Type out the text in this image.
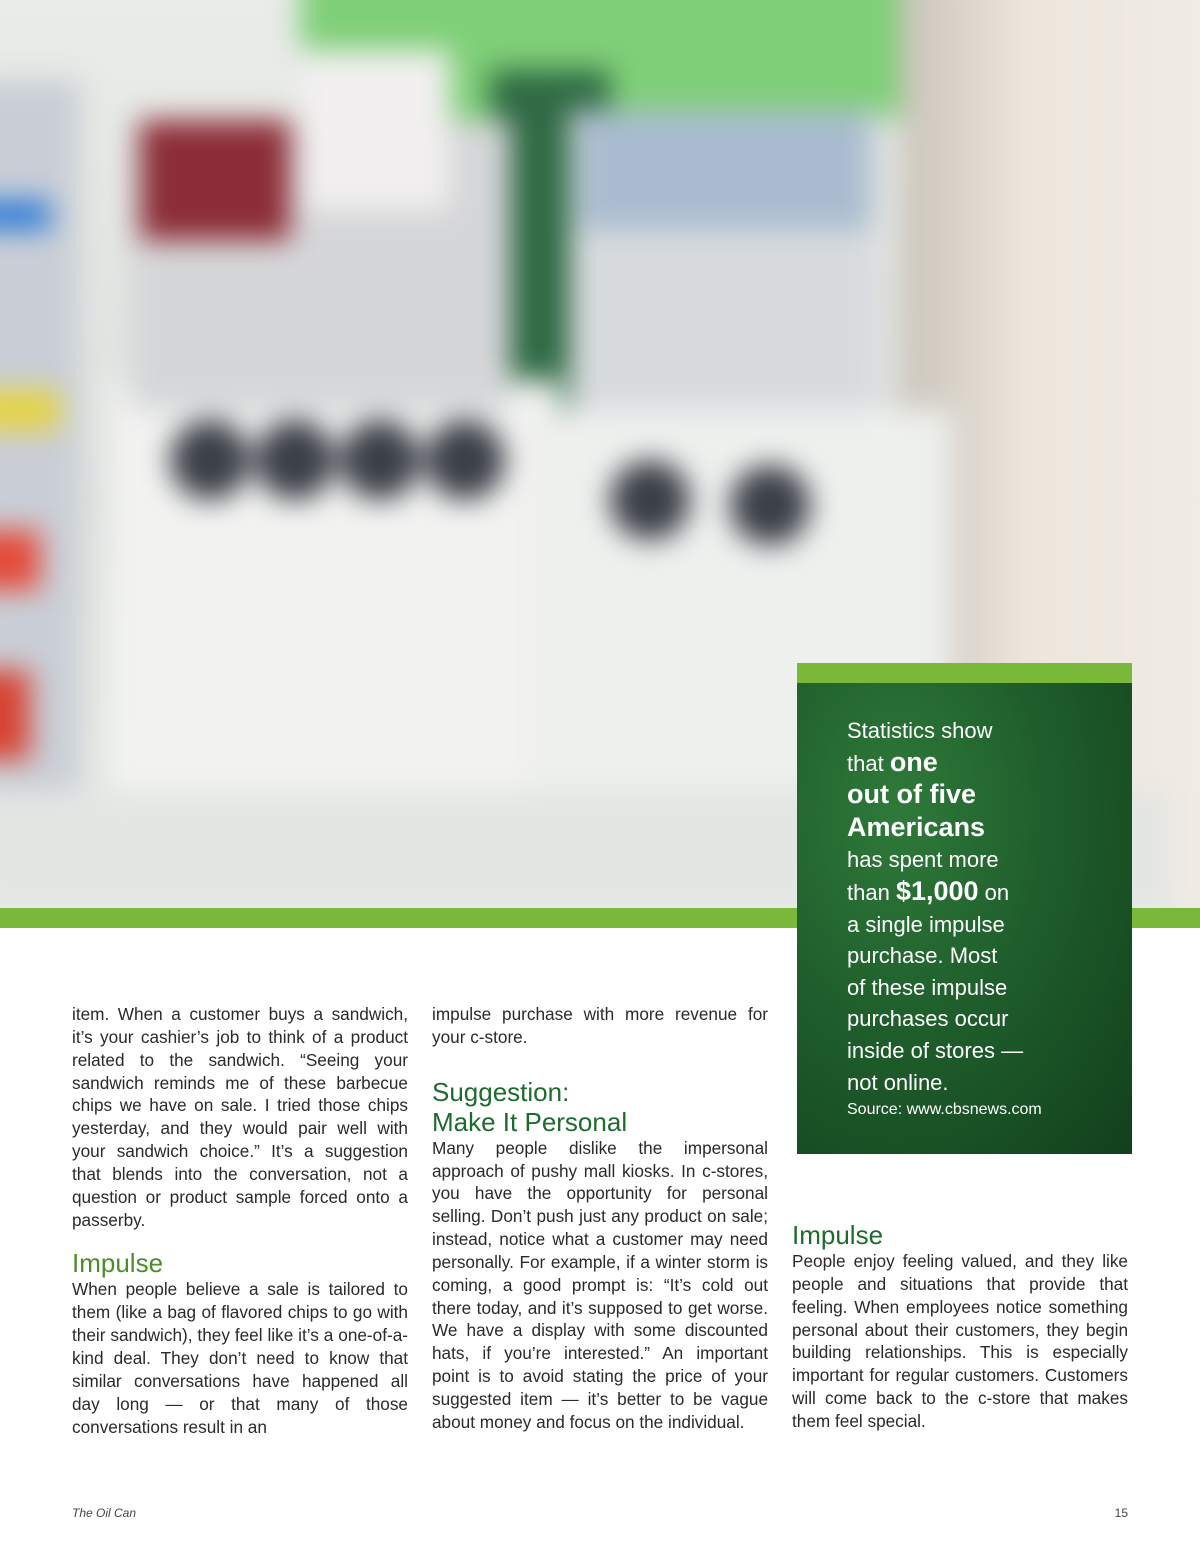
Statistics show
that one
out of five
Americans
has spent more
than $1,000 on
a single impulse
purchase. Most
of these impulse
purchases occur
inside of stores —
not online.
Source: www.cbsnews.com

item. When a customer buys a sandwich, it’s your cashier’s job to think of a product related to the sandwich. “Seeing your sandwich reminds me of these barbecue chips we have on sale. I tried those chips yesterday, and they would pair well with your sandwich choice.” It’s a suggestion that blends into the conversation, not a question or product sample forced onto a passerby.

Impulse

When people believe a sale is tailored to them (like a bag of flavored chips to go with their sandwich), they feel like it’s a one-of-a-kind deal. They don’t need to know that similar conversations have happened all day long — or that many of those conversations result in an

impulse purchase with more revenue for your c-store.

Suggestion:
Make It Personal

Many people dislike the impersonal approach of pushy mall kiosks. In c-stores, you have the opportunity for personal selling. Don’t push just any product on sale; instead, notice what a customer may need personally. For example, if a winter storm is coming, a good prompt is: “It’s cold out there today, and it’s supposed to get worse. We have a display with some discounted hats, if you’re interested.” An important point is to avoid stating the price of your suggested item — it’s better to be vague about money and focus on the individual.

Impulse

People enjoy feeling valued, and they like people and situations that provide that feeling. When employees notice something personal about their customers, they begin building relationships. This is especially important for regular customers. Customers will come back to the c-store that makes them feel special.

The Oil Can	15
